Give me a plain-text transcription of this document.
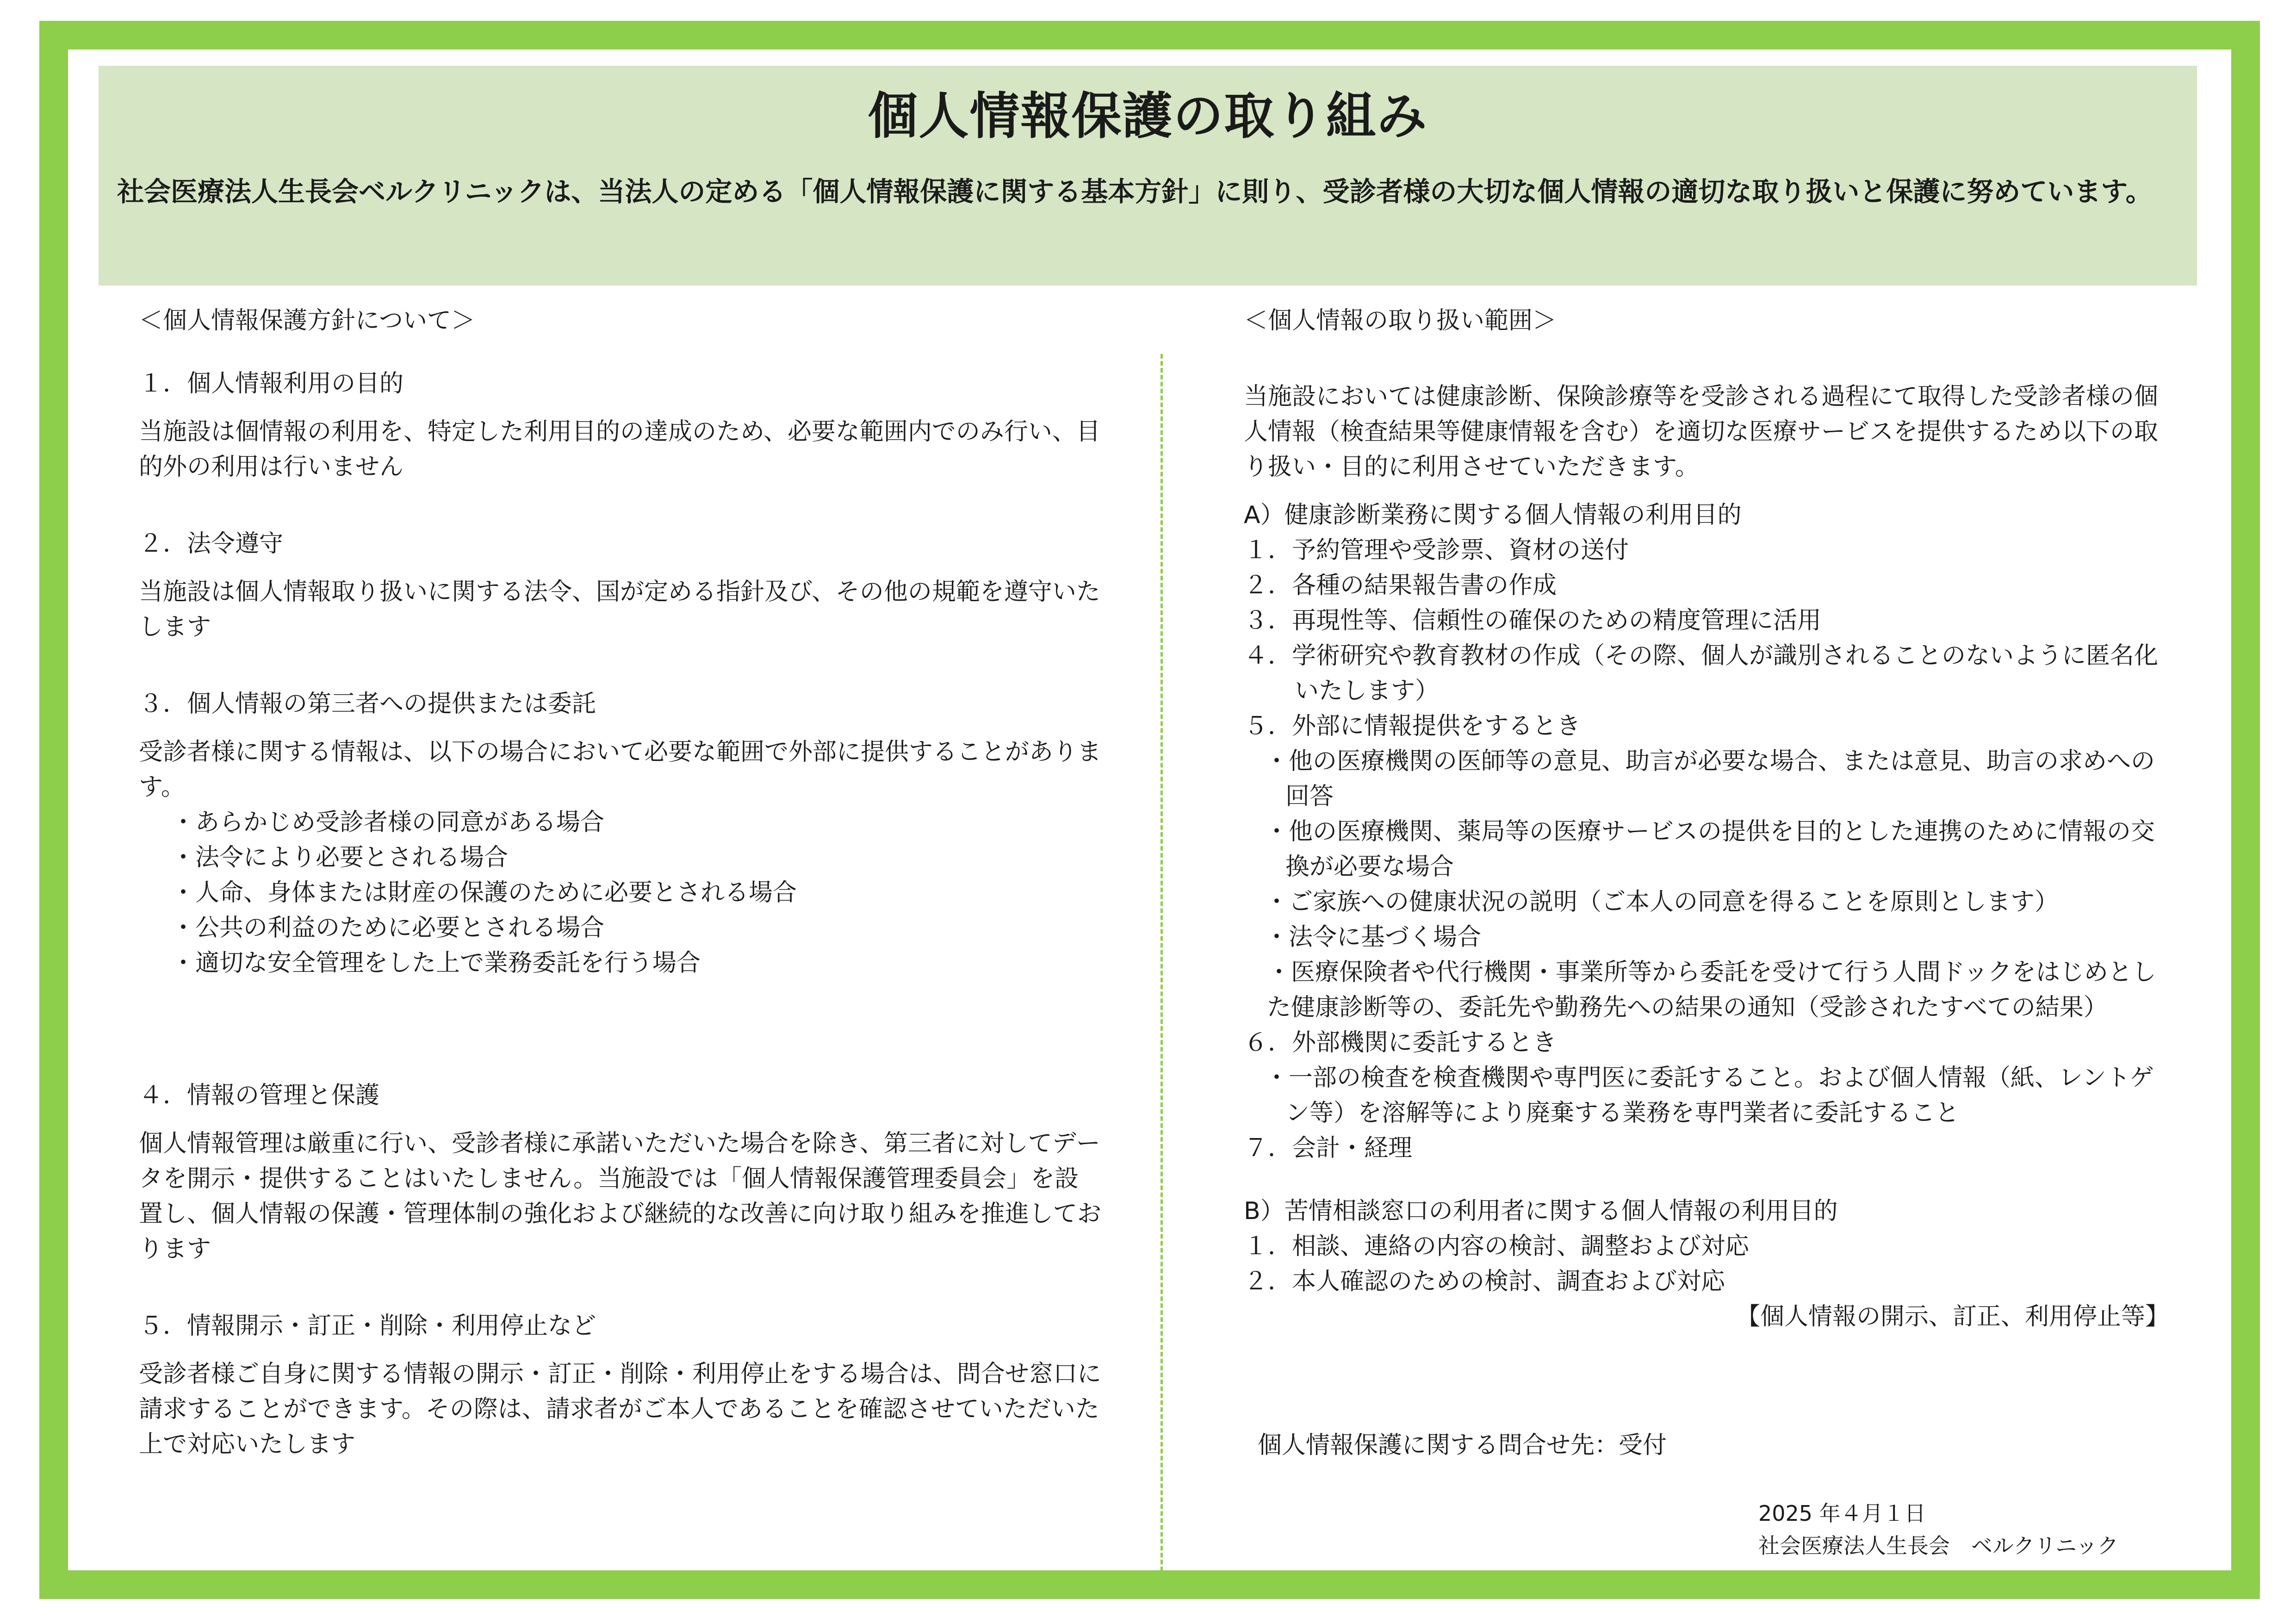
個人情報保護の取り組み
社会医療法人生長会ベルクリニックは、当法人の定める「個人情報保護に関する基本方針」に則り、受診者様の大切な個人情報の適切な取り扱いと保護に努めています。

＜個人情報保護方針について＞

１．個人情報利用の目的

当施設は個情報の利用を、特定した利用目的の達成のため、必要な範囲内でのみ行い、目的外の利用は行いません

２．法令遵守

当施設は個人情報取り扱いに関する法令、国が定める指針及び、その他の規範を遵守いたします

３．個人情報の第三者への提供または委託

受診者様に関する情報は、以下の場合において必要な範囲で外部に提供することがあります。

・あらかじめ受診者様の同意がある場合

・法令により必要とされる場合

・人命、身体または財産の保護のために必要とされる場合

・公共の利益のために必要とされる場合

・適切な安全管理をした上で業務委託を行う場合

４．情報の管理と保護

個人情報管理は厳重に行い、受診者様に承諾いただいた場合を除き、第三者に対してデータを開示・提供することはいたしません。当施設では「個人情報保護管理委員会」を設置し、個人情報の保護・管理体制の強化および継続的な改善に向け取り組みを推進しております

５．情報開示・訂正・削除・利用停止など

受診者様ご自身に関する情報の開示・訂正・削除・利用停止をする場合は、問合せ窓口に請求することができます。その際は、請求者がご本人であることを確認させていただいた上で対応いたします

＜個人情報の取り扱い範囲＞

当施設においては健康診断、保険診療等を受診される過程にて取得した受診者様の個人情報（検査結果等健康情報を含む）を適切な医療サービスを提供するため以下の取り扱い・目的に利用させていただきます。

A）健康診断業務に関する個人情報の利用目的

１．予約管理や受診票、資材の送付

２．各種の結果報告書の作成

３．再現性等、信頼性の確保のための精度管理に活用

４．学術研究や教育教材の作成（その際、個人が識別されることのないように匿名化いたします）

５．外部に情報提供をするとき

・他の医療機関の医師等の意見、助言が必要な場合、または意見、助言の求めへの回答

・他の医療機関、薬局等の医療サービスの提供を目的とした連携のために情報の交換が必要な場合

・ご家族への健康状況の説明（ご本人の同意を得ることを原則とします）

・法令に基づく場合

・医療保険者や代行機関・事業所等から委託を受けて行う人間ドックをはじめとした健康診断等の、委託先や勤務先への結果の通知（受診されたすべての結果）

６．外部機関に委託するとき

・一部の検査を検査機関や専門医に委託すること。および個人情報（紙、レントゲン等）を溶解等により廃棄する業務を専門業者に委託すること

７．会計・経理

B）苦情相談窓口の利用者に関する個人情報の利用目的

１．相談、連絡の内容の検討、調整および対応

２．本人確認のための検討、調査および対応

【個人情報の開示、訂正、利用停止等】

個人情報保護に関する問合せ先：受付
2025 年４月１日
社会医療法人生長会　ベルクリニック
